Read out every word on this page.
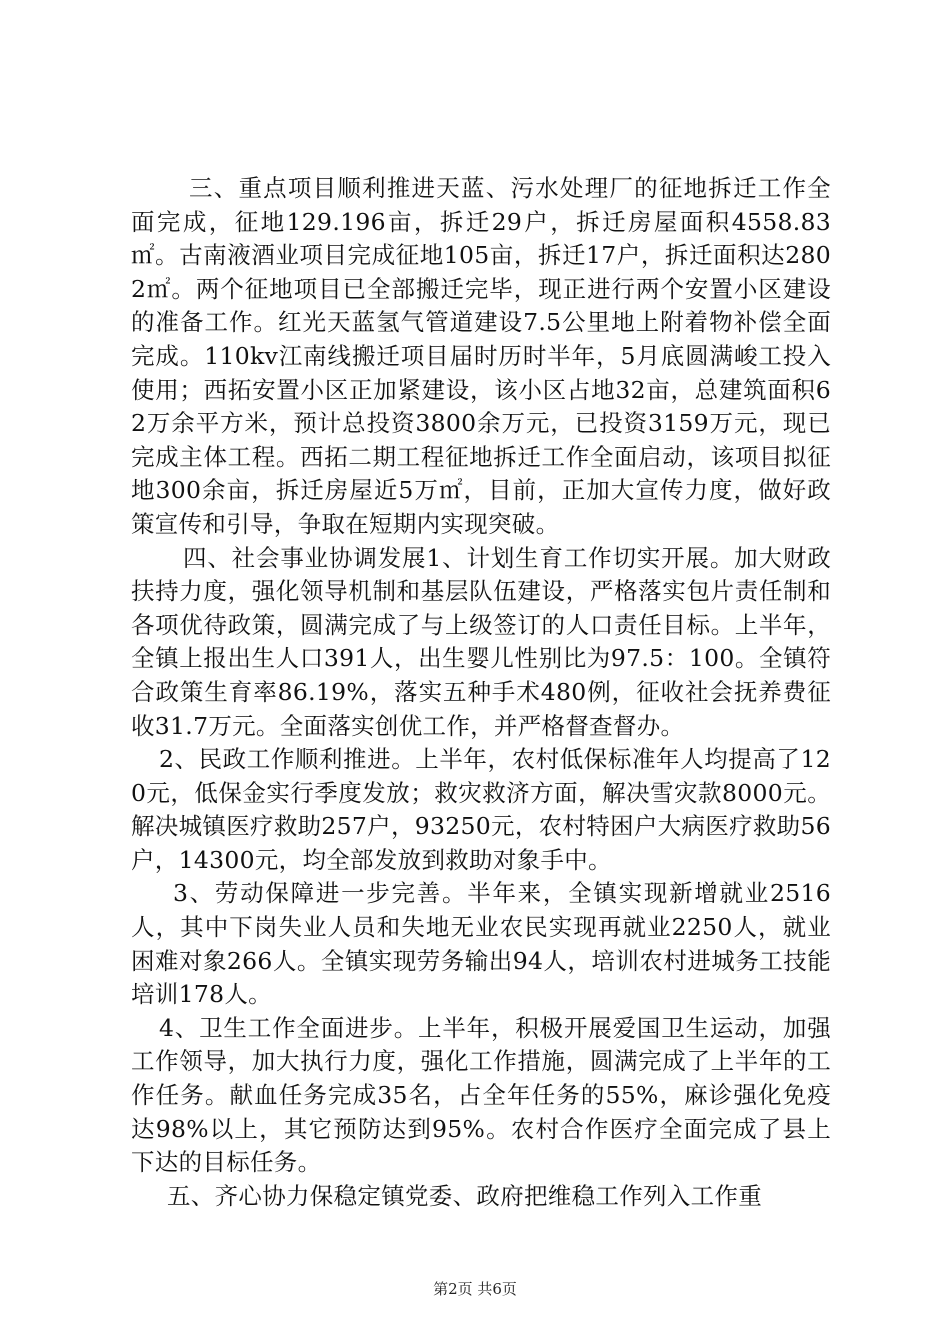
三、重点项目顺利推进天蓝、污水处理厂的征地拆迁工作全面完成，征地129.196亩，拆迁29户，拆迁房屋面积4558.83㎡。古南液酒业项目完成征地105亩，拆迁17户，拆迁面积达2802㎡。两个征地项目已全部搬迁完毕，现正进行两个安置小区建设的准备工作。红光天蓝氢气管道建设7.5公里地上附着物补偿全面完成。110kv江南线搬迁项目届时历时半年，5月底圆满峻工投入使用；西拓安置小区正加紧建设，该小区占地32亩，总建筑面积62万余平方米，预计总投资3800余万元，已投资3159万元，现已完成主体工程。西拓二期工程征地拆迁工作全面启动，该项目拟征地300余亩，拆迁房屋近5万㎡，目前，正加大宣传力度，做好政策宣传和引导，争取在短期内实现突破。

四、社会事业协调发展1、计划生育工作切实开展。加大财政扶持力度，强化领导机制和基层队伍建设，严格落实包片责任制和各项优待政策，圆满完成了与上级签订的人口责任目标。上半年，全镇上报出生人口391人，出生婴儿性别比为97.5：100。全镇符合政策生育率86.19%，落实五种手术480例，征收社会抚养费征收31.7万元。全面落实创优工作，并严格督查督办。

2、民政工作顺利推进。上半年，农村低保标准年人均提高了120元，低保金实行季度发放；救灾救济方面，解决雪灾款8000元。解决城镇医疗救助257户，93250元，农村特困户大病医疗救助56户，14300元，均全部发放到救助对象手中。

3、劳动保障进一步完善。半年来，全镇实现新增就业2516人，其中下岗失业人员和失地无业农民实现再就业2250人，就业困难对象266人。全镇实现劳务输出94人，培训农村进城务工技能培训178人。

4、卫生工作全面进步。上半年，积极开展爱国卫生运动，加强工作领导，加大执行力度，强化工作措施，圆满完成了上半年的工作任务。献血任务完成35名，占全年任务的55%，麻诊强化免疫达98%以上，其它预防达到95%。农村合作医疗全面完成了县上下达的目标任务。

五、齐心协力保稳定镇党委、政府把维稳工作列入工作重

第2页 共6页
